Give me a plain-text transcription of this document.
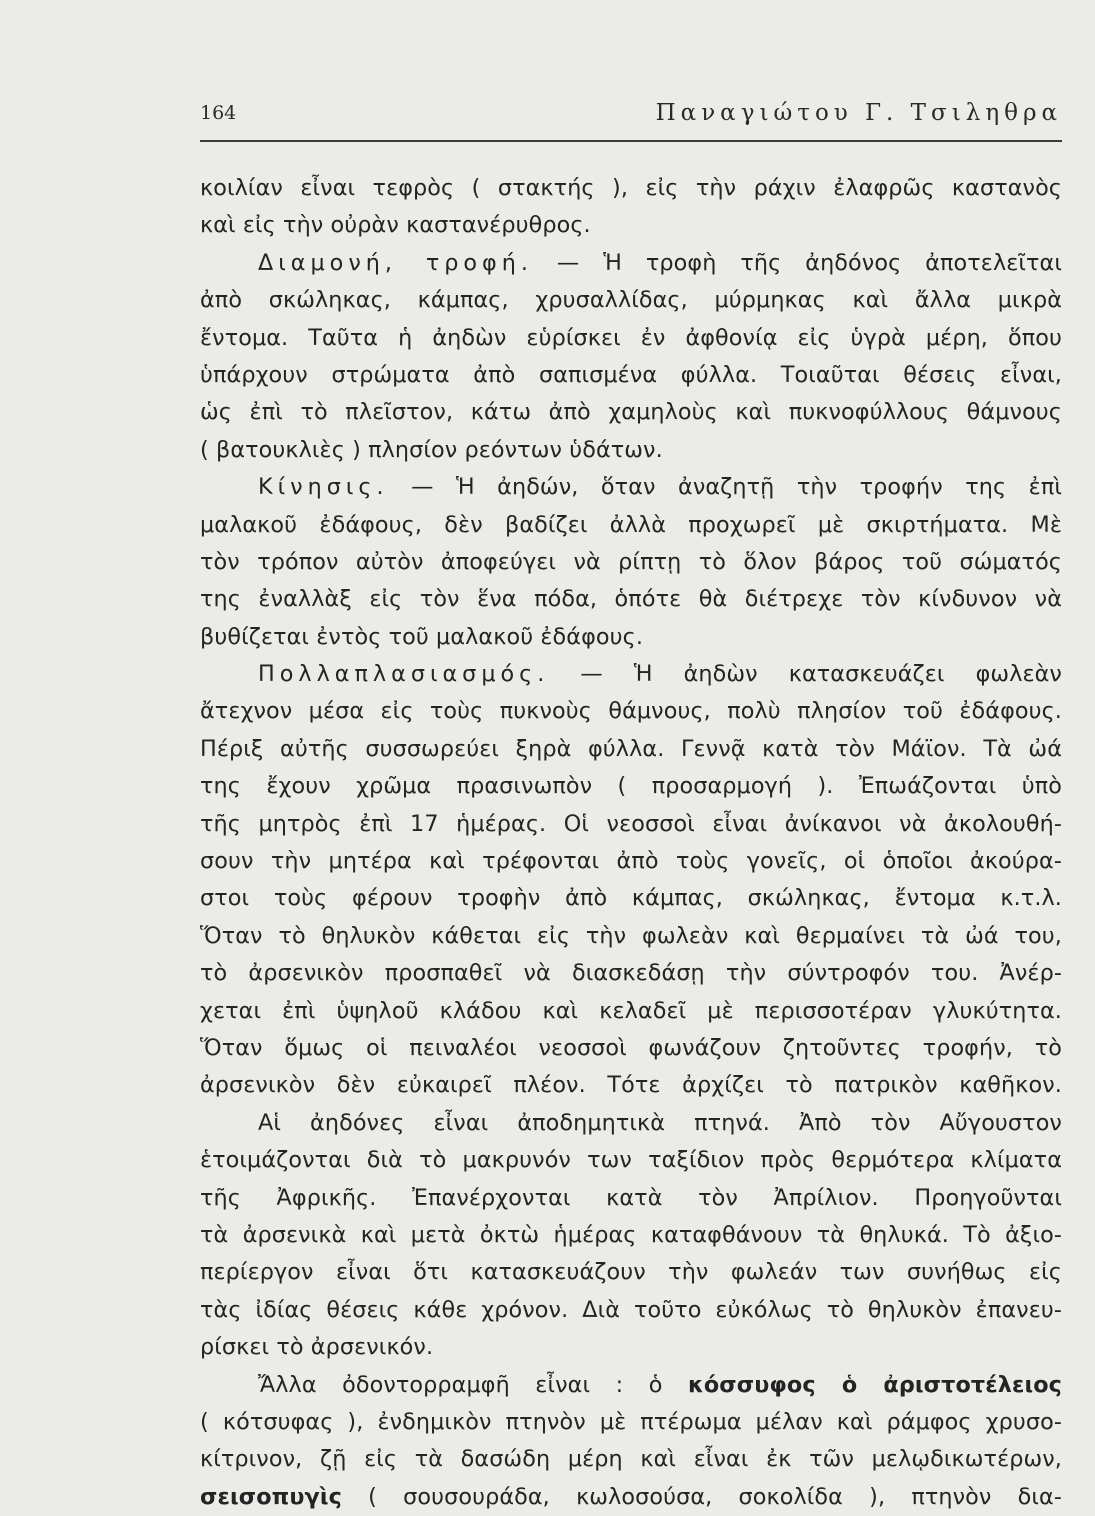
164	Παναγιώτου Γ. Τσιληθρα
κοιλίαν εἶναι τεφρὸς ( στακτής ), εἰς τὴν ράχιν ἐλαφρῶς καστανὸς
καὶ εἰς τὴν οὐρὰν καστανέρυθρος.
Διαμονή, τροφή. — Ἡ τροφὴ τῆς ἀηδόνος ἀποτελεῖται
ἀπὸ σκώληκας, κάμπας, χρυσαλλίδας, μύρμηκας καὶ ἄλλα μικρὰ
ἔντομα. Ταῦτα ἡ ἀηδὼν εὑρίσκει ἐν ἀφθονίᾳ εἰς ὑγρὰ μέρη, ὅπου
ὑπάρχουν στρώματα ἀπὸ σαπισμένα φύλλα. Τοιαῦται θέσεις εἶναι,
ὡς ἐπὶ τὸ πλεῖστον, κάτω ἀπὸ χαμηλοὺς καὶ πυκνοφύλλους θάμνους
( βατουκλιὲς ) πλησίον ρεόντων ὑδάτων.
Κίνησις. — Ἡ ἀηδών, ὅταν ἀναζητῇ τὴν τροφήν της ἐπὶ
μαλακοῦ ἐδάφους, δὲν βαδίζει ἀλλὰ προχωρεῖ μὲ σκιρτήματα. Μὲ
τὸν τρόπον αὐτὸν ἀποφεύγει νὰ ρίπτῃ τὸ ὅλον βάρος τοῦ σώματός
της ἐναλλὰξ εἰς τὸν ἕνα πόδα, ὁπότε θὰ διέτρεχε τὸν κίνδυνον νὰ
βυθίζεται ἐντὸς τοῦ μαλακοῦ ἐδάφους.
Πολλαπλασιασμός. — Ἡ ἀηδὼν κατασκευάζει φωλεὰν
ἄτεχνον μέσα εἰς τοὺς πυκνοὺς θάμνους, πολὺ πλησίον τοῦ ἐδάφους.
Πέριξ αὐτῆς συσσωρεύει ξηρὰ φύλλα. Γεννᾷ κατὰ τὸν Μάϊον. Τὰ ὠά
της ἔχουν χρῶμα πρασινωπὸν ( προσαρμογή ). Ἐπωάζονται ὑπὸ
τῆς μητρὸς ἐπὶ 17 ἡμέρας. Οἱ νεοσσοὶ εἶναι ἀνίκανοι νὰ ἀκολουθή-
σουν τὴν μητέρα καὶ τρέφονται ἀπὸ τοὺς γονεῖς, οἱ ὁποῖοι ἀκούρα-
στοι τοὺς φέρουν τροφὴν ἀπὸ κάμπας, σκώληκας, ἔντομα κ.τ.λ.
Ὅταν τὸ θηλυκὸν κάθεται εἰς τὴν φωλεὰν καὶ θερμαίνει τὰ ὠά του,
τὸ ἀρσενικὸν προσπαθεῖ νὰ διασκεδάσῃ τὴν σύντροφόν του. Ἀνέρ-
χεται ἐπὶ ὑψηλοῦ κλάδου καὶ κελαδεῖ μὲ περισσοτέραν γλυκύτητα.
Ὅταν ὅμως οἱ πειναλέοι νεοσσοὶ φωνάζουν ζητοῦντες τροφήν, τὸ
ἀρσενικὸν δὲν εὐκαιρεῖ πλέον. Τότε ἀρχίζει τὸ πατρικὸν καθῆκον.
Αἱ ἀηδόνες εἶναι ἀποδημητικὰ πτηνά. Ἀπὸ τὸν Αὔγουστον
ἑτοιμάζονται διὰ τὸ μακρυνόν των ταξίδιον πρὸς θερμότερα κλίματα
τῆς Ἀφρικῆς. Ἐπανέρχονται κατὰ τὸν Ἀπρίλιον. Προηγοῦνται
τὰ ἀρσενικὰ καὶ μετὰ ὀκτὼ ἡμέρας καταφθάνουν τὰ θηλυκά. Τὸ ἀξιο-
περίεργον εἶναι ὅτι κατασκευάζουν τὴν φωλεάν των συνήθως εἰς
τὰς ἰδίας θέσεις κάθε χρόνον. Διὰ τοῦτο εὐκόλως τὸ θηλυκὸν ἐπανευ-
ρίσκει τὸ ἀρσενικόν.
Ἄλλα ὀδοντορραμφῆ εἶναι : ὁ κόσσυφος ὁ ἀριστοτέλειος
( κότσυφας ), ἐνδημικὸν πτηνὸν μὲ πτέρωμα μέλαν καὶ ράμφος χρυσο-
κίτρινον, ζῇ εἰς τὰ δασώδη μέρη καὶ εἶναι ἐκ τῶν μελῳδικωτέρων,
σεισοπυγὶς ( σουσουράδα, κωλοσούσα, σοκολίδα ), πτηνὸν δια-
